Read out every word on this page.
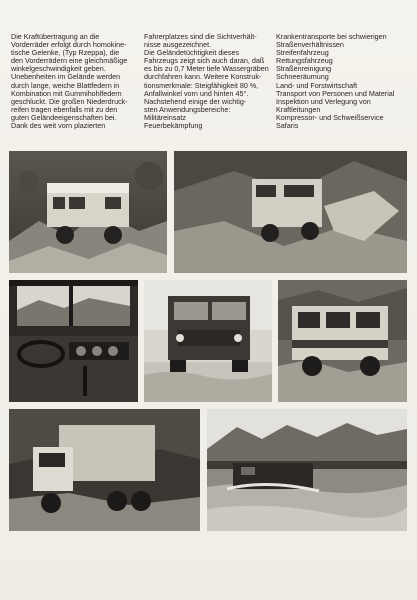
Die Kraftübertragung an die
Vorderräder erfolgt durch homokine-
tische Gelenke, (Typ Rzeppa), die
den Vorderrädern eine gleichmäßige
winkelgeschwindigkeit geben.
Unebenheiten im Gelände werden
durch lange, weiche Blattfedern in
Kombination mit Gummihohlfedern
geschluckt. Die großen Niederdruck-
reifen tragen ebenfalls mit zu den
guten Geländeeigenschaften bei.
Dank des weit vorn plazierten
Fahrerplatzes sind die Sichtverhält-
nisse ausgezeichnet.
Die Geländetüchtigkeit dieses
Fahrzeugs zeigt sich auch daran, daß
es bis zu 0,7 Meter tiefe Wassergräben
durchfahren kann. Weitere Konstruk-
tionsmerkmale: Steigfähigkeit 80 %,
Anfallwinkel vorn und hinten 45°.
Nachstehend einige der wichtig-
sten Anwendungsbereiche:
Militäreinsatz
Feuerbekämpfung
Krankentransporte bei schwierigen
Straßenverhältnissen
Streifenfahrzeug
Rettungsfahrzeug
Straßenreinigung
Schneeräumung
Land- und Forstwirtschaft
Transport von Personen und Material
Inspektion und Verlegung von
Kraftleitungen
Kompressor- und Schweißservice
Safaris
